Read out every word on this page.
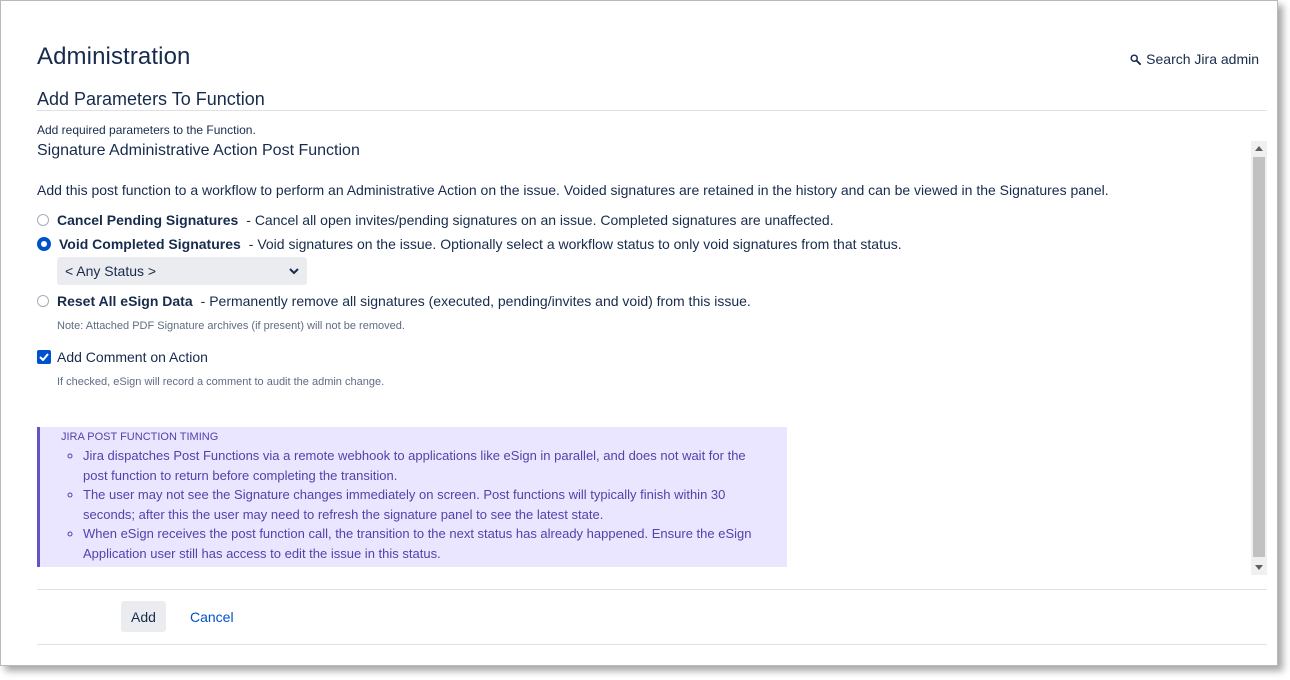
Administration	Search Jira admin
Add Parameters To Function
Add required parameters to the Function.
Signature Administrative Action Post Function
Add this post function to a workflow to perform an Administrative Action on the issue. Voided signatures are retained in the history and can be viewed in the Signatures panel.
Cancel Pending Signatures - Cancel all open invites/pending signatures on an issue. Completed signatures are unaffected.
Void Completed Signatures - Void signatures on the issue. Optionally select a workflow status to only void signatures from that status.
< Any Status >
Reset All eSign Data - Permanently remove all signatures (executed, pending/invites and void) from this issue.
Note: Attached PDF Signature archives (if present) will not be removed.
Add Comment on Action
If checked, eSign will record a comment to audit the admin change.
JIRA POST FUNCTION TIMING
◦ Jira dispatches Post Functions via a remote webhook to applications like eSign in parallel, and does not wait for the post function to return before completing the transition.
◦ The user may not see the Signature changes immediately on screen. Post functions will typically finish within 30 seconds; after this the user may need to refresh the signature panel to see the latest state.
◦ When eSign receives the post function call, the transition to the next status has already happened. Ensure the eSign Application user still has access to edit the issue in this status.
Add	Cancel
